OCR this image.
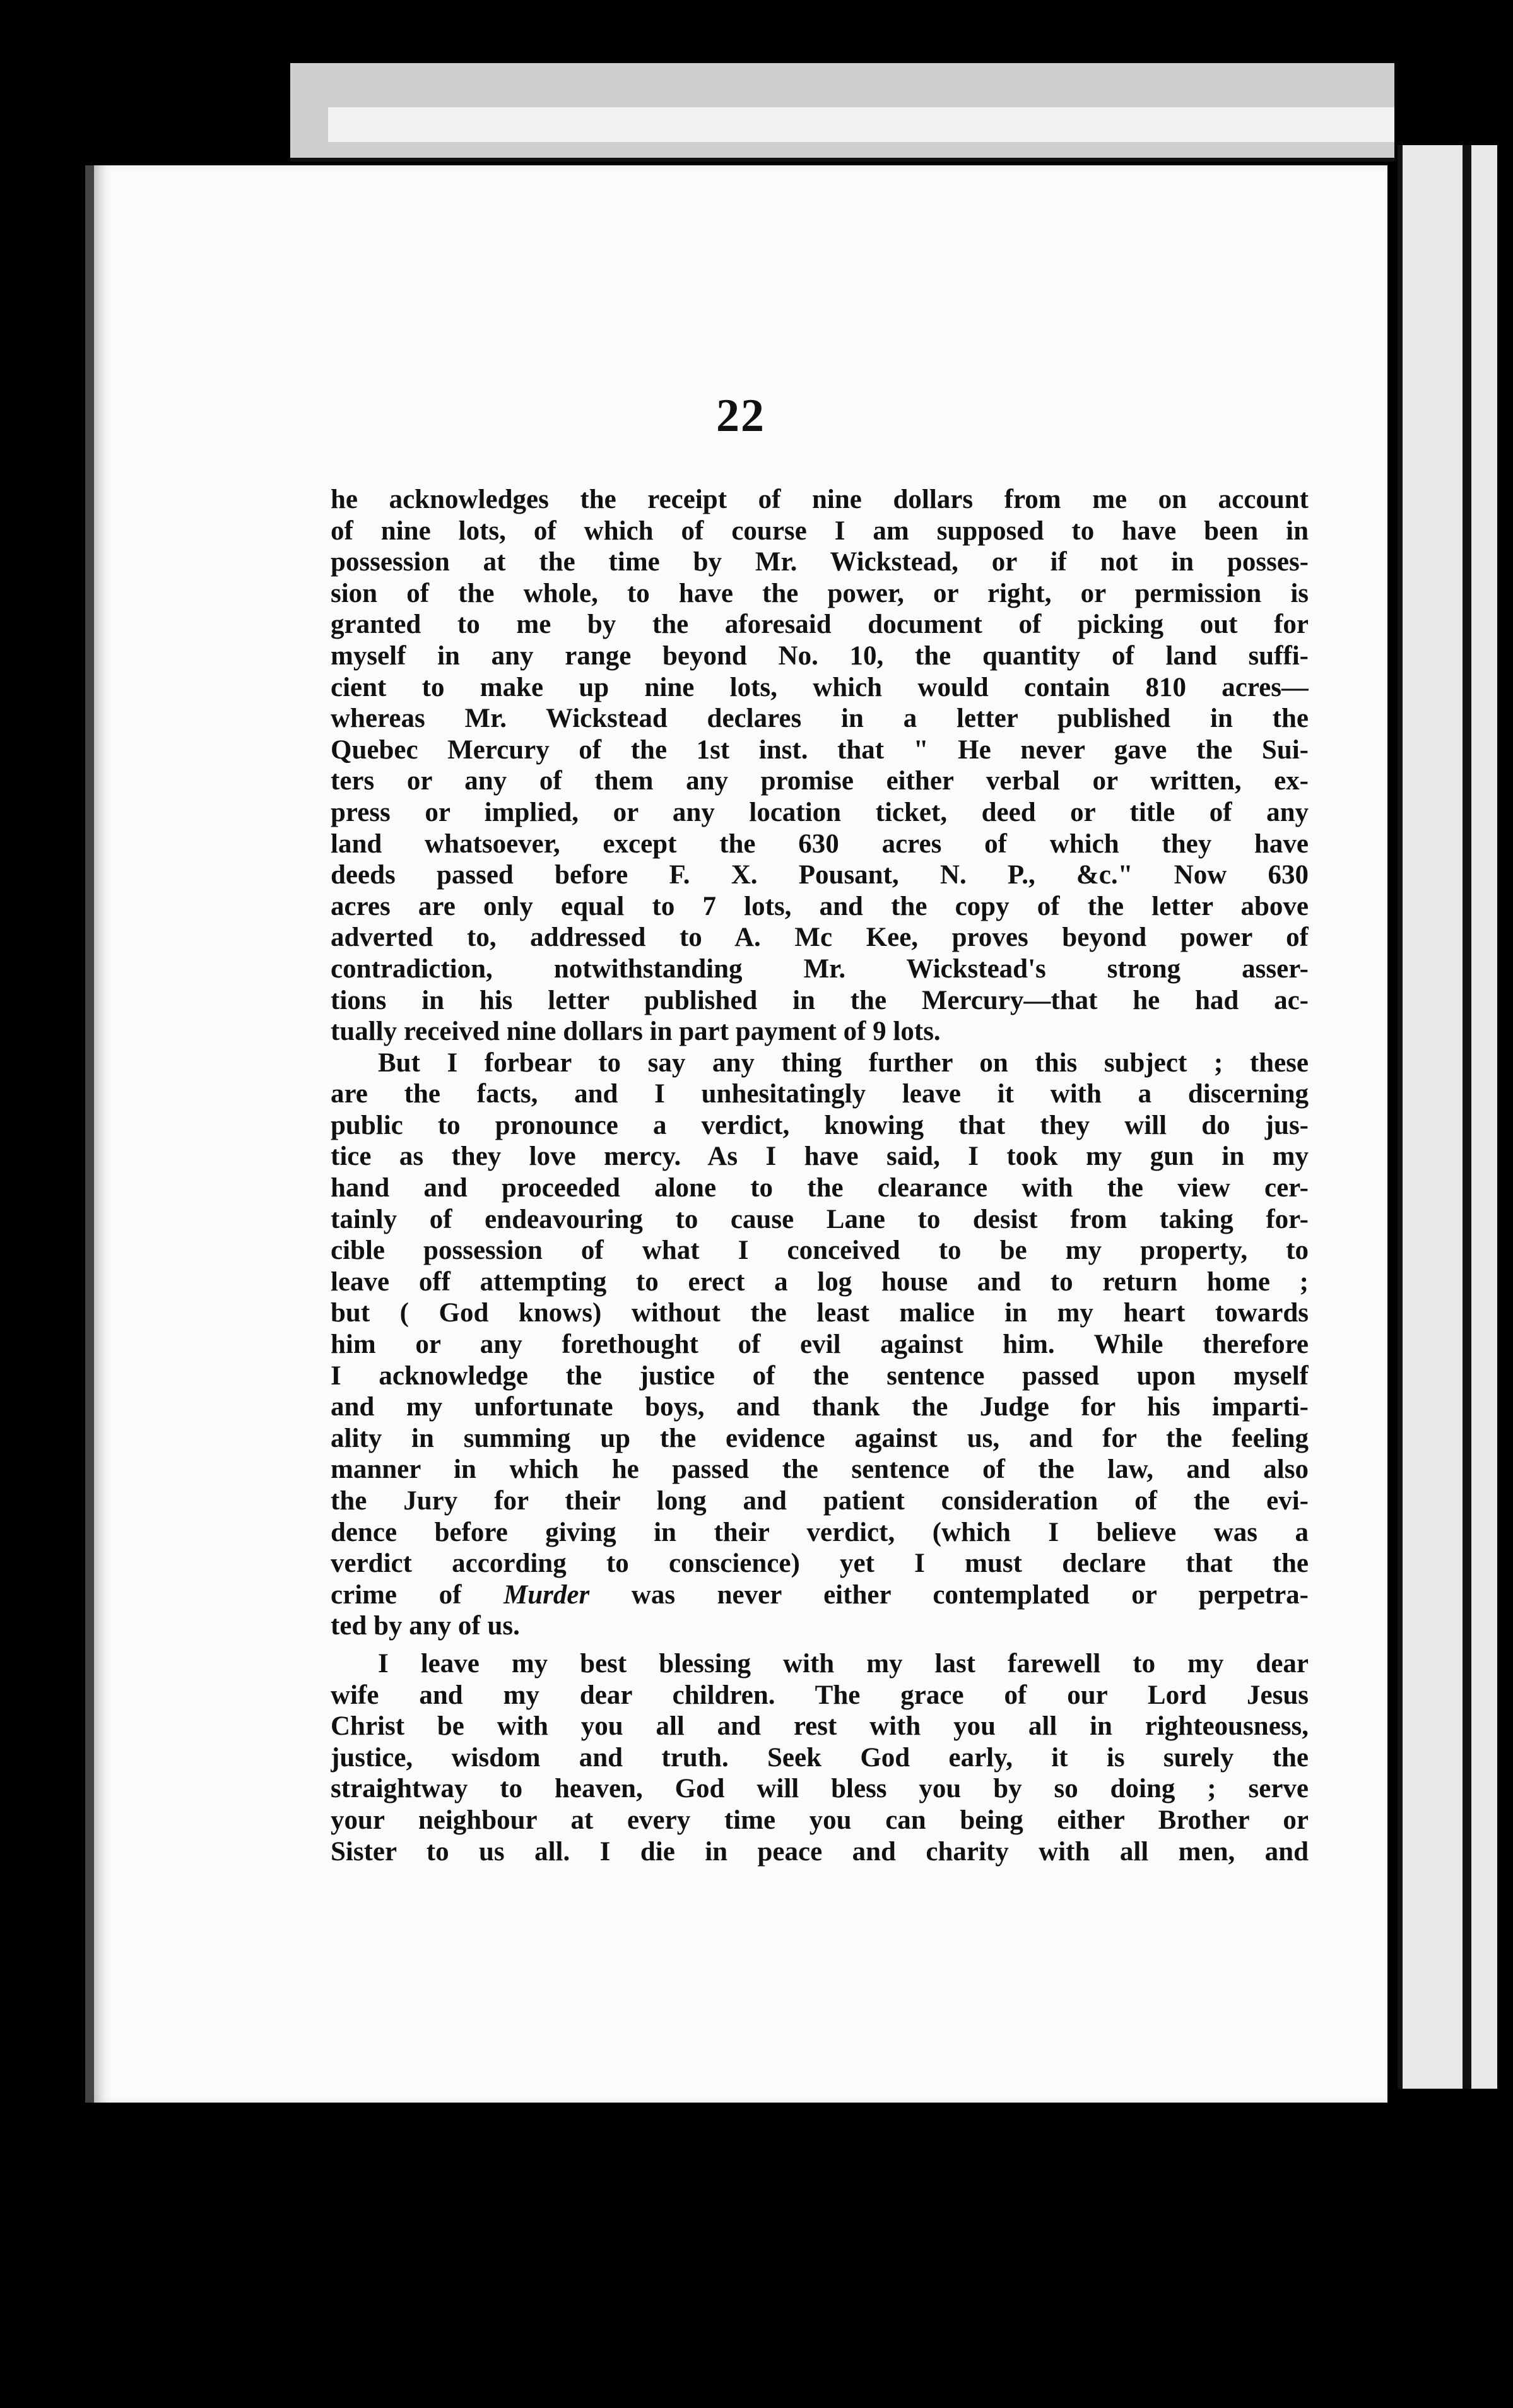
22
he acknowledges the receipt of nine dollars from me on account
of nine lots, of which of course I am supposed to have been in
possession at the time by Mr. Wickstead, or if not in posses-
sion of the whole, to have the power, or right, or permission is
granted to me by the aforesaid document of picking out for
myself in any range beyond No. 10, the quantity of land suffi-
cient to make up nine lots, which would contain 810 acres—
whereas Mr. Wickstead declares in a letter published in the
Quebec Mercury of the 1st inst. that " He never gave the Sui-
ters or any of them any promise either verbal or written, ex-
press or implied, or any location ticket, deed or title of any
land whatsoever, except the 630 acres of which they have
deeds passed before F. X. Pousant, N. P., &c." Now 630
acres are only equal to 7 lots, and the copy of the letter above
adverted to, addressed to A. Mc Kee, proves beyond power of
contradiction, notwithstanding Mr. Wickstead's strong asser-
tions in his letter published in the Mercury—that he had ac-
tually received nine dollars in part payment of 9 lots.
But I forbear to say any thing further on this subject ; these
are the facts, and I unhesitatingly leave it with a discerning
public to pronounce a verdict, knowing that they will do jus-
tice as they love mercy. As I have said, I took my gun in my
hand and proceeded alone to the clearance with the view cer-
tainly of endeavouring to cause Lane to desist from taking for-
cible possession of what I conceived to be my property, to
leave off attempting to erect a log house and to return home ;
but ( God knows) without the least malice in my heart towards
him or any forethought of evil against him. While therefore
I acknowledge the justice of the sentence passed upon myself
and my unfortunate boys, and thank the Judge for his imparti-
ality in summing up the evidence against us, and for the feeling
manner in which he passed the sentence of the law, and also
the Jury for their long and patient consideration of the evi-
dence before giving in their verdict, (which I believe was a
verdict according to conscience) yet I must declare that the
crime of Murder was never either contemplated or perpetra-
ted by any of us.
I leave my best blessing with my last farewell to my dear
wife and my dear children. The grace of our Lord Jesus
Christ be with you all and rest with you all in righteousness,
justice, wisdom and truth. Seek God early, it is surely the
straightway to heaven, God will bless you by so doing ; serve
your neighbour at every time you can being either Brother or
Sister to us all. I die in peace and charity with all men, and
